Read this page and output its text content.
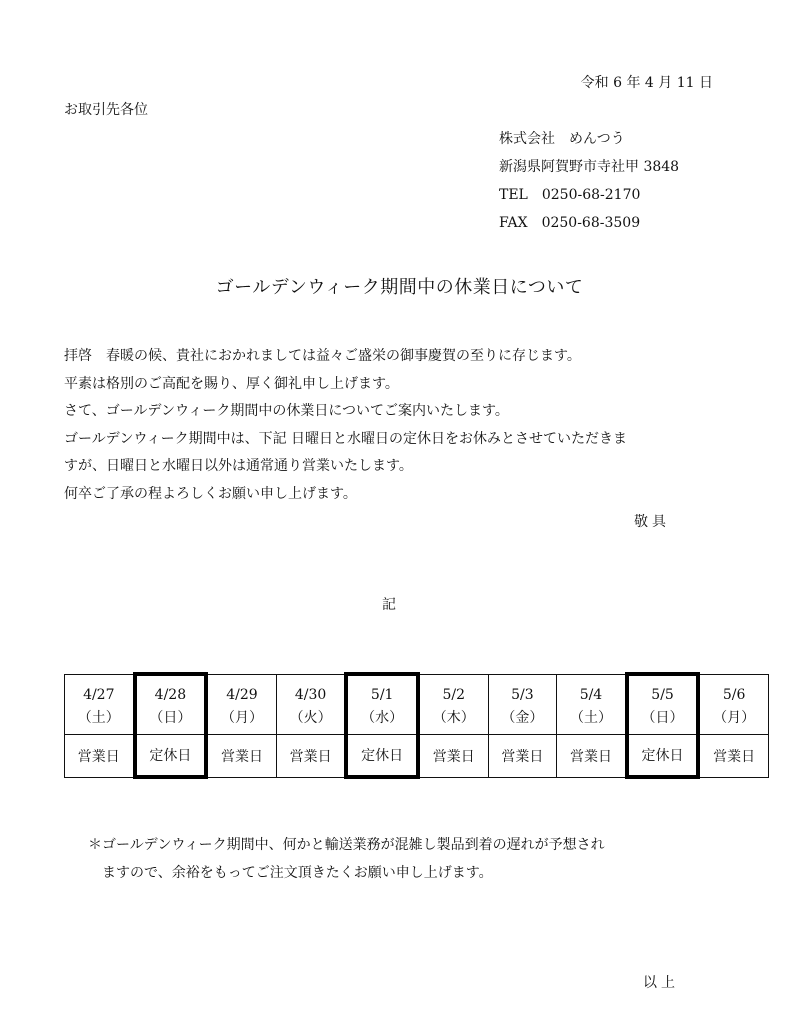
令和 6 年 4 月 11 日
お取引先各位
株式会社　めんつう
新潟県阿賀野市寺社甲 3848
TEL　0250-68-2170
FAX　0250-68-3509
ゴールデンウィーク期間中の休業日について
拝啓　春暖の候、貴社におかれましては益々ご盛栄の御事慶賀の至りに存じます。
平素は格別のご高配を賜り、厚く御礼申し上げます。
さて、ゴールデンウィーク期間中の休業日についてご案内いたします。
ゴールデンウィーク期間中は、下記 日曜日と水曜日の定休日をお休みとさせていただきま
すが、日曜日と水曜日以外は通常通り営業いたします。
何卒ご了承の程よろしくお願い申し上げます。
敬具
記
4/27	4/28	4/29	4/30	5/1	5/2	5/3	5/4	5/5	5/6
（土）	（日）	（月）	（火）	（水）	（木）	（金）	（土）	（日）	（月）
営業日	定休日	営業日	営業日	定休日	営業日	営業日	営業日	定休日	営業日
＊ゴールデンウィーク期間中、何かと輸送業務が混雑し製品到着の遅れが予想され
ますので、余裕をもってご注文頂きたくお願い申し上げます。
以上
